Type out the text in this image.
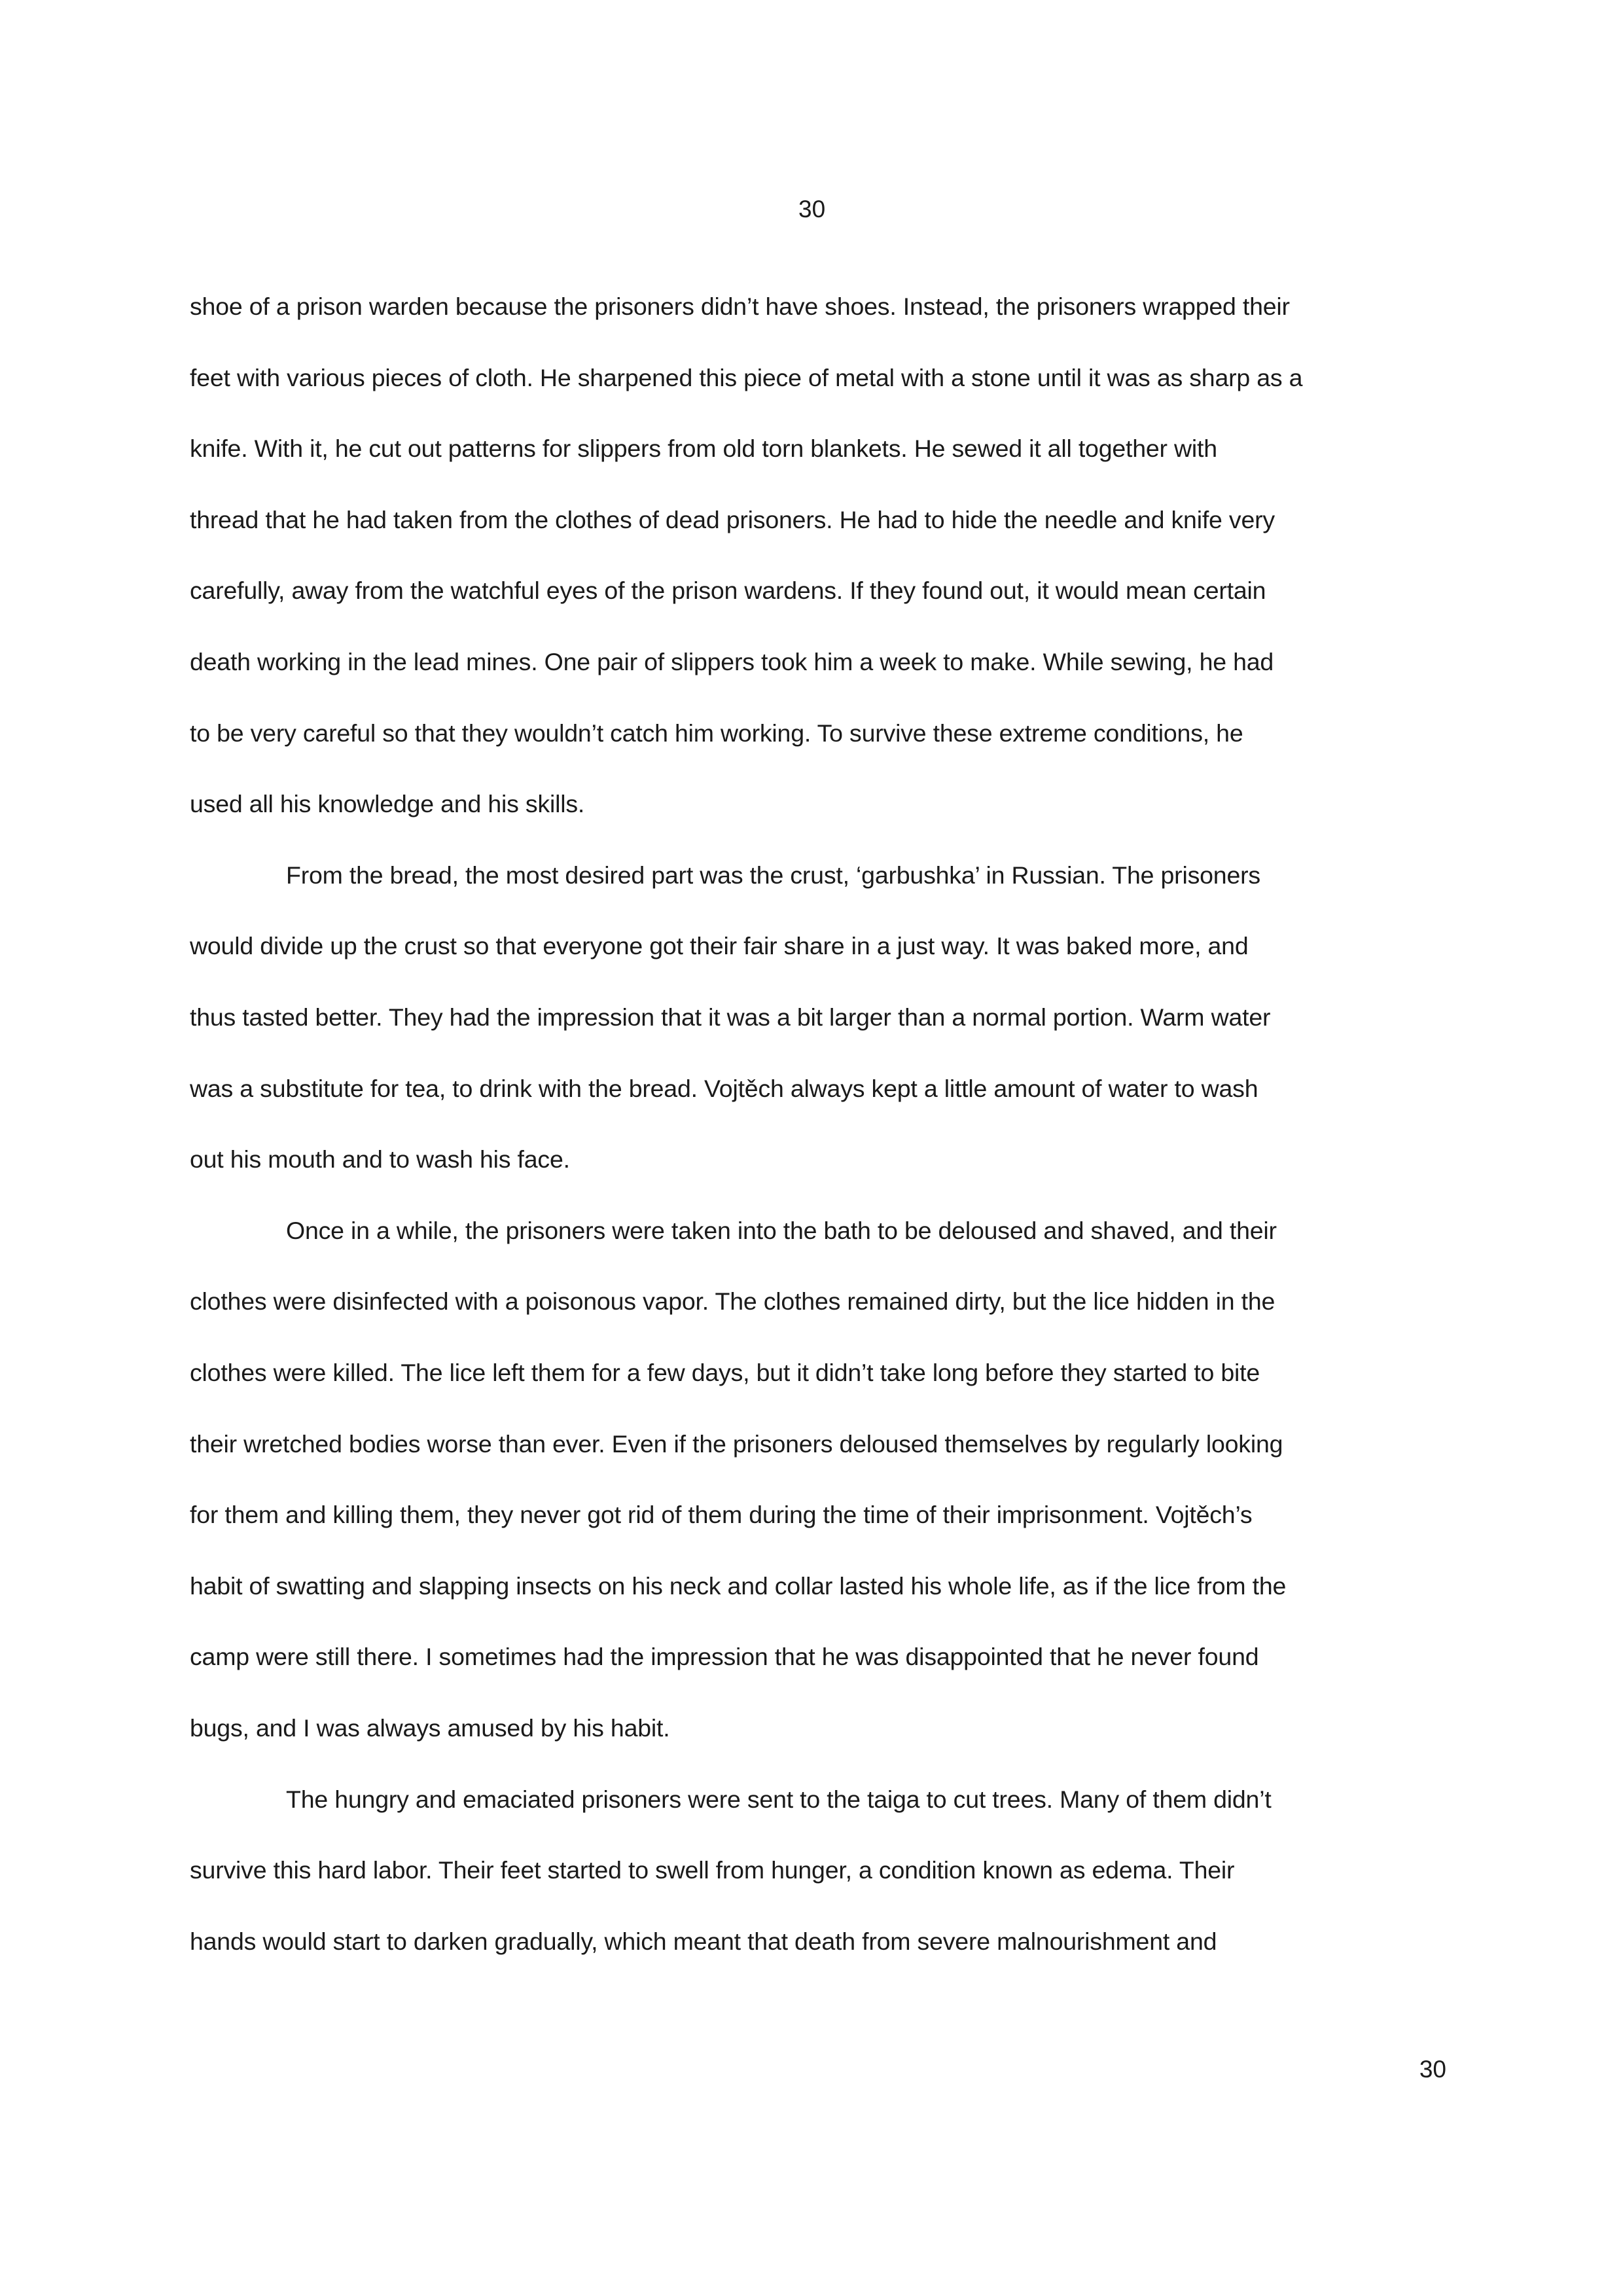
30
shoe of a prison warden because the prisoners didn’t have shoes. Instead, the prisoners wrapped their
feet with various pieces of cloth. He sharpened this piece of metal with a stone until it was as sharp as a
knife. With it, he cut out patterns for slippers from old torn blankets. He sewed it all together with
thread that he had taken from the clothes of dead prisoners. He had to hide the needle and knife very
carefully, away from the watchful eyes of the prison wardens. If they found out, it would mean certain
death working in the lead mines. One pair of slippers took him a week to make. While sewing, he had
to be very careful so that they wouldn’t catch him working. To survive these extreme conditions, he
used all his knowledge and his skills.
From the bread, the most desired part was the crust, ‘garbushka’ in Russian. The prisoners
would divide up the crust so that everyone got their fair share in a just way. It was baked more, and
thus tasted better. They had the impression that it was a bit larger than a normal portion. Warm water
was a substitute for tea, to drink with the bread. Vojtěch always kept a little amount of water to wash
out his mouth and to wash his face.
Once in a while, the prisoners were taken into the bath to be deloused and shaved, and their
clothes were disinfected with a poisonous vapor. The clothes remained dirty, but the lice hidden in the
clothes were killed. The lice left them for a few days, but it didn’t take long before they started to bite
their wretched bodies worse than ever. Even if the prisoners deloused themselves by regularly looking
for them and killing them, they never got rid of them during the time of their imprisonment. Vojtěch’s
habit of swatting and slapping insects on his neck and collar lasted his whole life, as if the lice from the
camp were still there. I sometimes had the impression that he was disappointed that he never found
bugs, and I was always amused by his habit.
The hungry and emaciated prisoners were sent to the taiga to cut trees. Many of them didn’t
survive this hard labor. Their feet started to swell from hunger, a condition known as edema. Their
hands would start to darken gradually, which meant that death from severe malnourishment and
30
